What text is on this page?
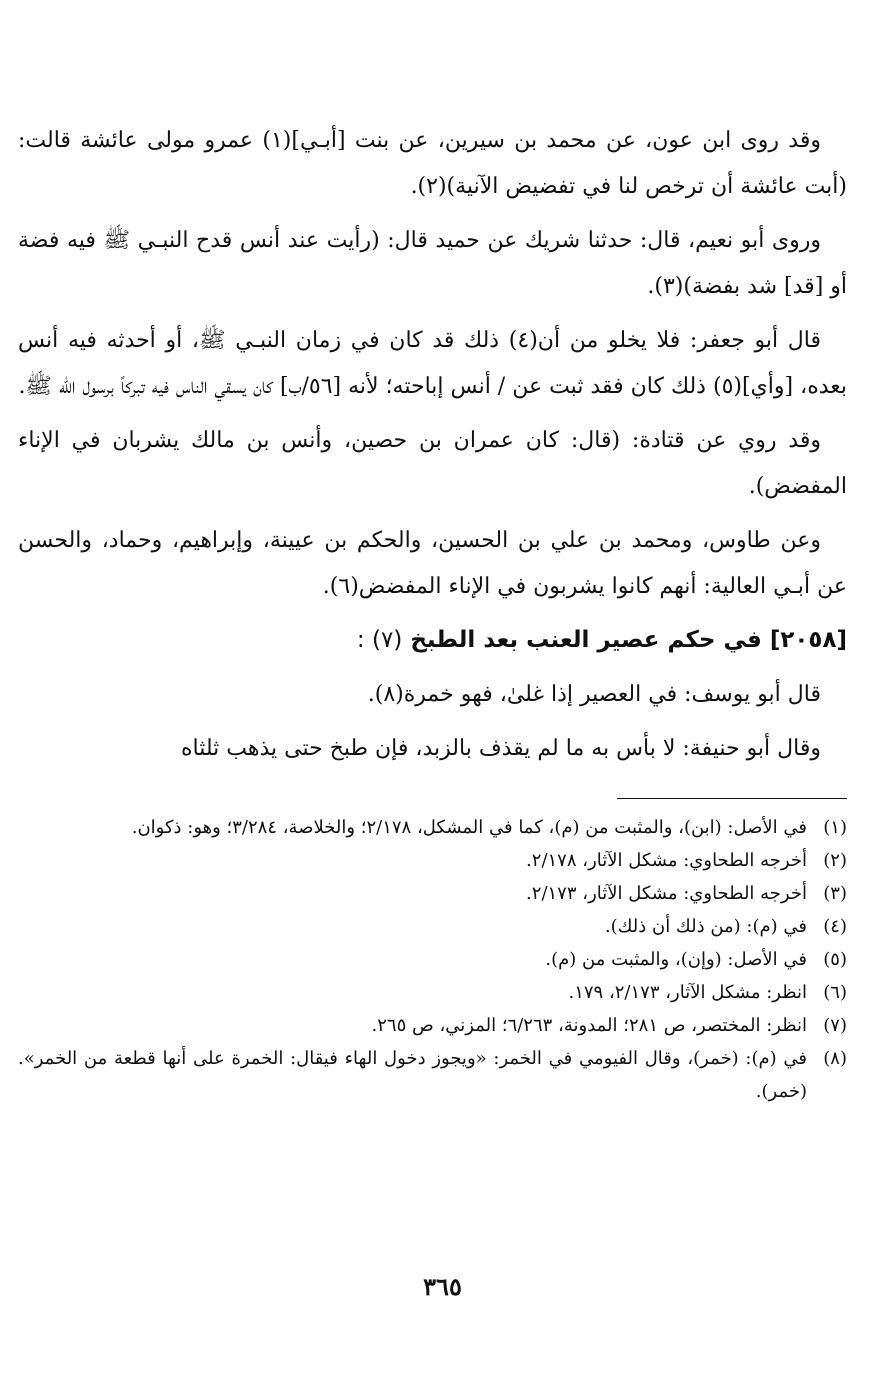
وقد روى ابن عون، عن محمد بن سيرين، عن بنت [أبـي](١) عمرو مولى عائشة قالت: (أبت عائشة أن ترخص لنا في تفضيض الآنية)(٢).

وروى أبو نعيم، قال: حدثنا شريك عن حميد قال: (رأيت عند أنس قدح النبـي ﷺ فيه فضة أو [قد] شد بفضة)(٣).

قال أبو جعفر: فلا يخلو من أن(٤) ذلك قد كان في زمان النبـي ﷺ، أو أحدثه فيه أنس بعده، [وأي](٥) ذلك كان فقد ثبت عن / أنس إباحته؛ لأنه [٥٦/ب] كان يسقي الناس فيه تبركاً برسول الله ﷺ.

وقد روي عن قتادة: (قال: كان عمران بن حصين، وأنس بن مالك يشربان في الإناء المفضض).

وعن طاوس، ومحمد بن علي بن الحسين، والحكم بن عيينة، وإبراهيم، وحماد، والحسن عن أبـي العالية: أنهم كانوا يشربون في الإناء المفضض(٦).

[٢٠٥٨] في حكم عصير العنب بعد الطبخ (٧) :

قال أبو يوسف: في العصير إذا غلىٰ، فهو خمرة(٨).

وقال أبو حنيفة: لا بأس به ما لم يقذف بالزبد، فإن طبخ حتى يذهب ثلثاه

(١)
في الأصل: (ابن)، والمثبت من (م)، كما في المشكل، ٢/١٧٨؛ والخلاصة، ٣/٢٨٤؛ وهو: ذكوان.
(٢)
أخرجه الطحاوي: مشكل الآثار، ٢/١٧٨.
(٣)
أخرجه الطحاوي: مشكل الآثار، ٢/١٧٣.
(٤)
في (م): (من ذلك أن ذلك).
(٥)
في الأصل: (وإن)، والمثبت من (م).
(٦)
انظر: مشكل الآثار، ٢/١٧٣، ١٧٩.
(٧)
انظر: المختصر، ص ٢٨١؛ المدونة، ٦/٢٦٣؛ المزني، ص ٢٦٥.
(٨)
في (م): (خمر)، وقال الفيومي في الخمر: «ويجوز دخول الهاء فيقال: الخمرة على أنها قطعة من الخمر». (خمر).
٣٦٥
